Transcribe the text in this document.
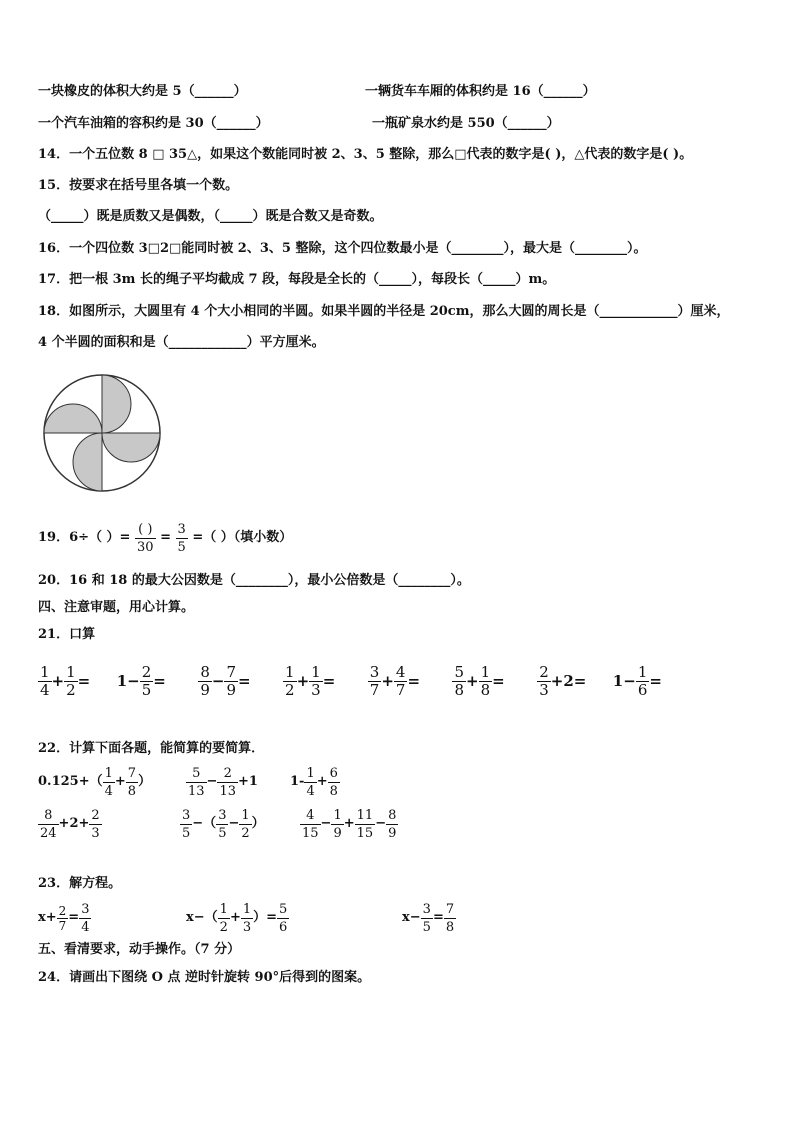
一块橡皮的体积大约是 5（______）	一辆货车车厢的体积约是 16（______）
一个汽车油箱的容积约是 30（______）	一瓶矿泉水约是 550（______）
14．一个五位数 8 □ 35△，如果这个数能同时被 2、3、5 整除，那么□代表的数字是( )，△代表的数字是( )。
15．按要求在括号里各填一个数。
（_____）既是质数又是偶数，（_____）既是合数又是奇数。
16．一个四位数 3□2□能同时被 2、3、5 整除，这个四位数最小是（________），最大是（________）。
17．把一根 3m 长的绳子平均截成 7 段，每段是全长的（_____），每段长（_____）m。
18．如图所示，大圆里有 4 个大小相同的半圆。如果半圆的半径是 20cm，那么大圆的周长是（____________）厘米，
4 个半圆的面积和是（____________）平方厘米。
19．6÷（ ）= $\frac{( )}{30} = \frac{3}{5}$ =（ ）（填小数）
20．16 和 18 的最大公因数是（________），最小公倍数是（________）。
四、注意审题，用心计算。
21．口算
$\frac{1}{4} + \frac{1}{2} = 1- \frac{2}{5} = \frac{8}{9} - \frac{7}{9} = \frac{1}{2} + \frac{1}{3} = \frac{3}{7} + \frac{4}{7} = \frac{5}{8} + \frac{1}{8} = \frac{2}{3} +2= 1- \frac{1}{6}$ =
22．计算下面各题，能简算的要简算．
$0.125+( \frac{1}{4} + \frac{7}{8}$ ）	$\frac{5}{13} - \frac{2}{13} +1$ $1- \frac{1}{4} + \frac{6}{8}$
$\frac{8}{24} +2+ \frac{2}{3}$	$\frac{3}{5}$ −（ $\frac{3}{5} - \frac{1}{2}$ ）	$\frac{4}{15} - \frac{1}{9} + \frac{11}{15} - \frac{8}{9}$
23．解方程。
$x+ \frac{2}{7} = \frac{3}{4}$	$x-( \frac{1}{2} + \frac{1}{3}$ ）= $\frac{5}{6}$	$x- \frac{3}{5} = \frac{7}{8}$
五、看清要求，动手操作。（7 分）
24．请画出下图绕 O 点 逆时针旋转 90°后得到的图案。
